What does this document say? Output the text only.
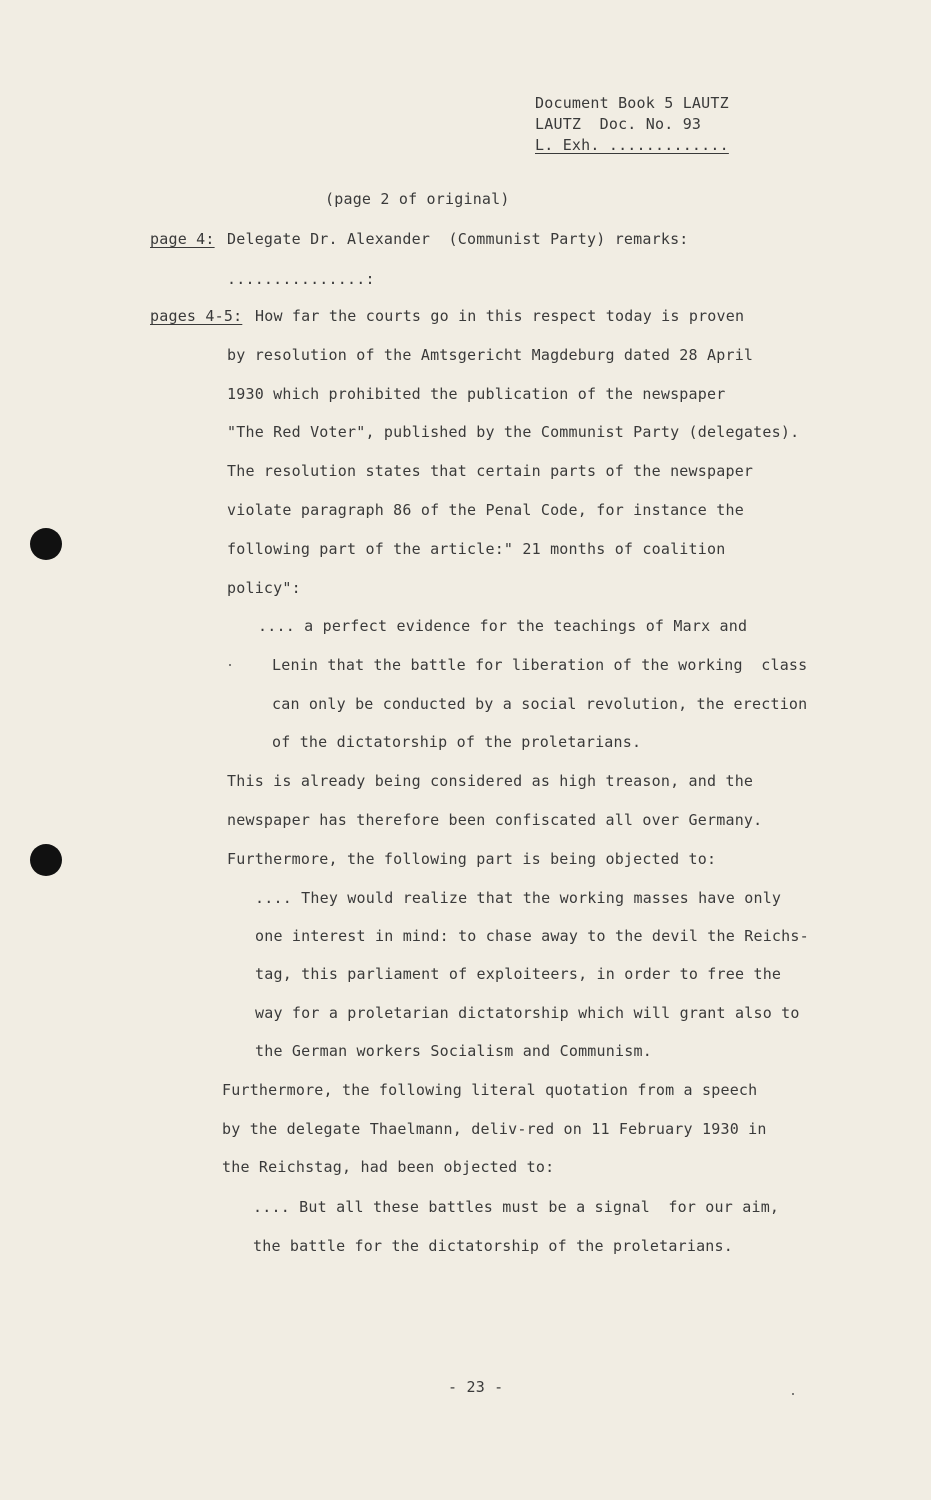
Document Book 5 LAUTZ
LAUTZ  Doc. No. 93
L. Exh. .............
(page 2 of original)
page 4: Delegate Dr. Alexander  (Communist Party) remarks:
...............:
pages 4-5: How far the courts go in this respect today is proven
by resolution of the Amtsgericht Magdeburg dated 28 April
1930 which prohibited the publication of the newspaper
"The Red Voter", published by the Communist Party (delegates).
The resolution states that certain parts of the newspaper
violate paragraph 86 of the Penal Code, for instance the
following part of the article:" 21 months of coalition
policy":
.... a perfect evidence for the teachings of Marx and
Lenin that the battle for liberation of the working  class
can only be conducted by a social revolution, the erection
of the dictatorship of the proletarians.
This is already being considered as high treason, and the
newspaper has therefore been confiscated all over Germany.
Furthermore, the following part is being objected to:
.... They would realize that the working masses have only
one interest in mind: to chase away to the devil the Reichs-
tag, this parliament of exploiteers, in order to free the
way for a proletarian dictatorship which will grant also to
the German workers Socialism and Communism.
Furthermore, the following literal quotation from a speech
by the delegate Thaelmann, deliv-red on 11 February 1930 in
the Reichstag, had been objected to:
.... But all these battles must be a signal  for our aim,
the battle for the dictatorship of the proletarians.
- 23 -
